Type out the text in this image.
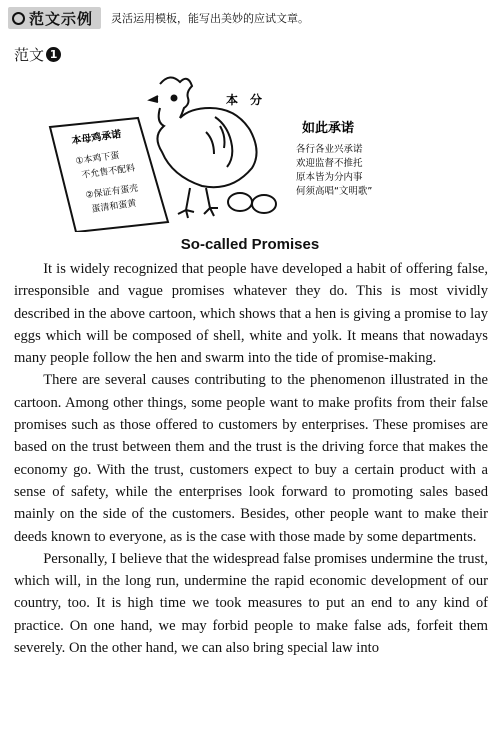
范文示例 灵活运用模板，能写出美妙的应试文章。
范文 1
本母鸡承诺
①本鸡下蛋
不允售不配料
②保证有蛋壳
蛋清和蛋黄
本　分
如此承诺
各行各业兴承诺
欢迎监督不推托
原本皆为分内事
何须高唱“文明歌”
So-called Promises

It is widely recognized that people have developed a habit of offering false, irresponsible and vague promises whatever they do. This is most vividly described in the above cartoon, which shows that a hen is giving a promise to lay eggs which will be composed of shell, white and yolk. It means that nowadays many people follow the hen and swarm into the tide of promise-making.

There are several causes contributing to the phenomenon illustrated in the cartoon. Among other things, some people want to make profits from their false promises such as those offered to customers by enterprises. These promises are based on the trust between them and the trust is the driving force that makes the economy go. With the trust, customers expect to buy a certain product with a sense of safety, while the enterprises look forward to promoting sales based mainly on the side of the customers. Besides, other people want to make their deeds known to everyone, as is the case with those made by some departments.

Personally, I believe that the widespread false promises undermine the trust, which will, in the long run, undermine the rapid economic development of our country, too. It is high time we took measures to put an end to any kind of practice. On one hand, we may forbid people to make false ads, forfeit them severely. On the other hand, we can also bring special law into
